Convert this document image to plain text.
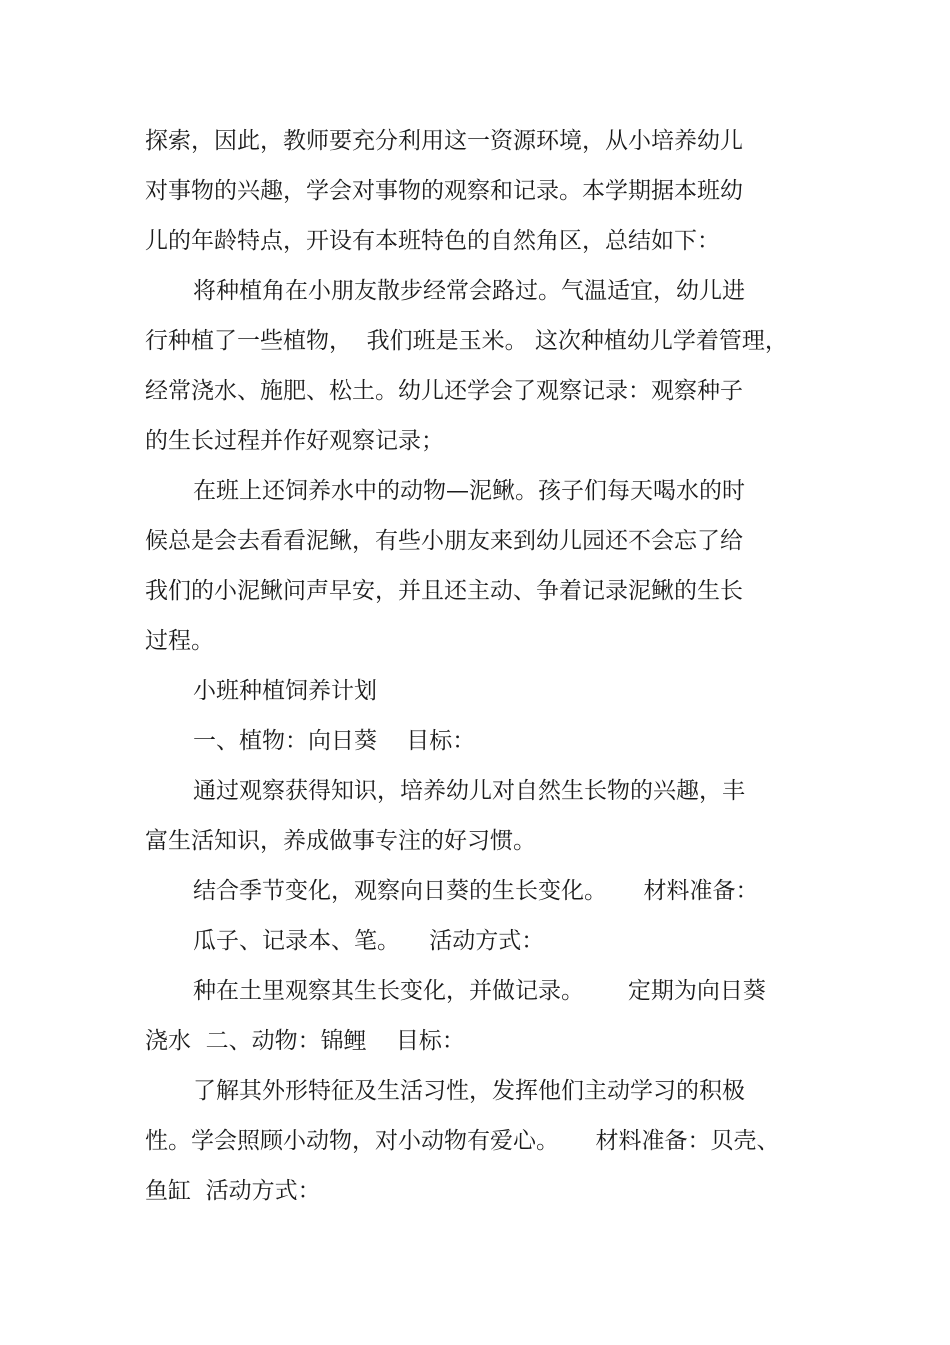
探索，因此，教师要充分利用这一资源环境，从小培养幼儿

对事物的兴趣，学会对事物的观察和记录。本学期据本班幼

儿的年龄特点，开设有本班特色的自然角区，总结如下：

将种植角在小朋友散步经常会路过。气温适宜，幼儿进

行种植了一些植物，  我们班是玉米。 这次种植幼儿学着管理，

经常浇水、施肥、松土。幼儿还学会了观察记录：观察种子

的生长过程并作好观察记录；

在班上还饲养水中的动物—泥鳅。孩子们每天喝水的时

候总是会去看看泥鳅，有些小朋友来到幼儿园还不会忘了给

我们的小泥鳅问声早安，并且还主动、争着记录泥鳅的生长

过程。

小班种植饲养计划

一、植物：向日葵    目标：

通过观察获得知识，培养幼儿对自然生长物的兴趣，丰

富生活知识，养成做事专注的好习惯。

结合季节变化，观察向日葵的生长变化。     材料准备：

瓜子、记录本、笔。    活动方式：

种在土里观察其生长变化，并做记录。      定期为向日葵

浇水  二、动物：锦鲤    目标：

了解其外形特征及生活习性，发挥他们主动学习的积极

性。学会照顾小动物，对小动物有爱心。     材料准备：贝壳、

鱼缸  活动方式：
